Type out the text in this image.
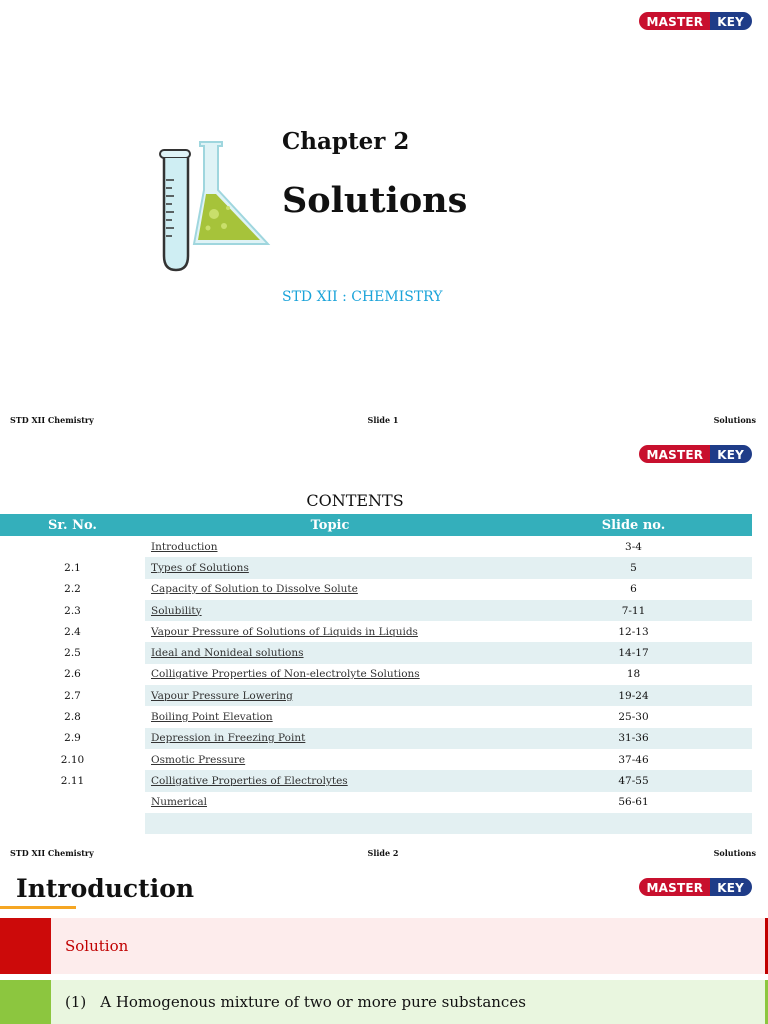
MASTER	KEY
Chapter 2
Solutions
STD XII : CHEMISTRY
STD XII Chemistry	Slide 1	Solutions
MASTER	KEY
CONTENTS
Sr. No.	Topic	Slide no.
	Introduction	3-4
2.1	Types of Solutions	5
2.2	Capacity of Solution to Dissolve Solute	6
2.3	Solubility	7-11
2.4	Vapour Pressure of Solutions of Liquids in Liquids	12-13
2.5	Ideal and Nonideal solutions	14-17
2.6	Colligative Properties of Non-electrolyte Solutions	18
2.7	Vapour Pressure Lowering	19-24
2.8	Boiling Point Elevation	25-30
2.9	Depression in Freezing Point	31-36
2.10	Osmotic Pressure	37-46
2.11	Colligative Properties of Electrolytes	47-55
	Numerical	56-61

STD XII Chemistry	Slide 2	Solutions
Introduction	MASTER	KEY
Solution
(1) A Homogenous mixture of two or more pure substances
